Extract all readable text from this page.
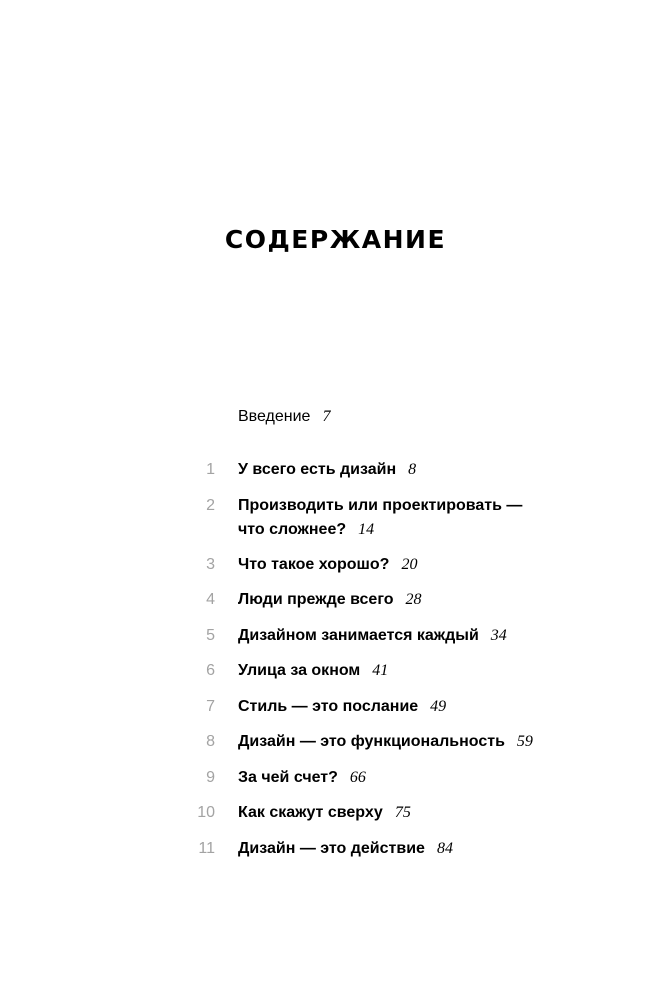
СОДЕРЖАНИЕ
Введение 7
1 У всего есть дизайн 8
2 Производить или проектировать —
что сложнее? 14
3 Что такое хорошо? 20
4 Люди прежде всего 28
5 Дизайном занимается каждый 34
6 Улица за окном 41
7 Стиль — это послание 49
8 Дизайн — это функциональность 59
9 За чей счет? 66
10 Как скажут сверху 75
11 Дизайн — это действие 84
